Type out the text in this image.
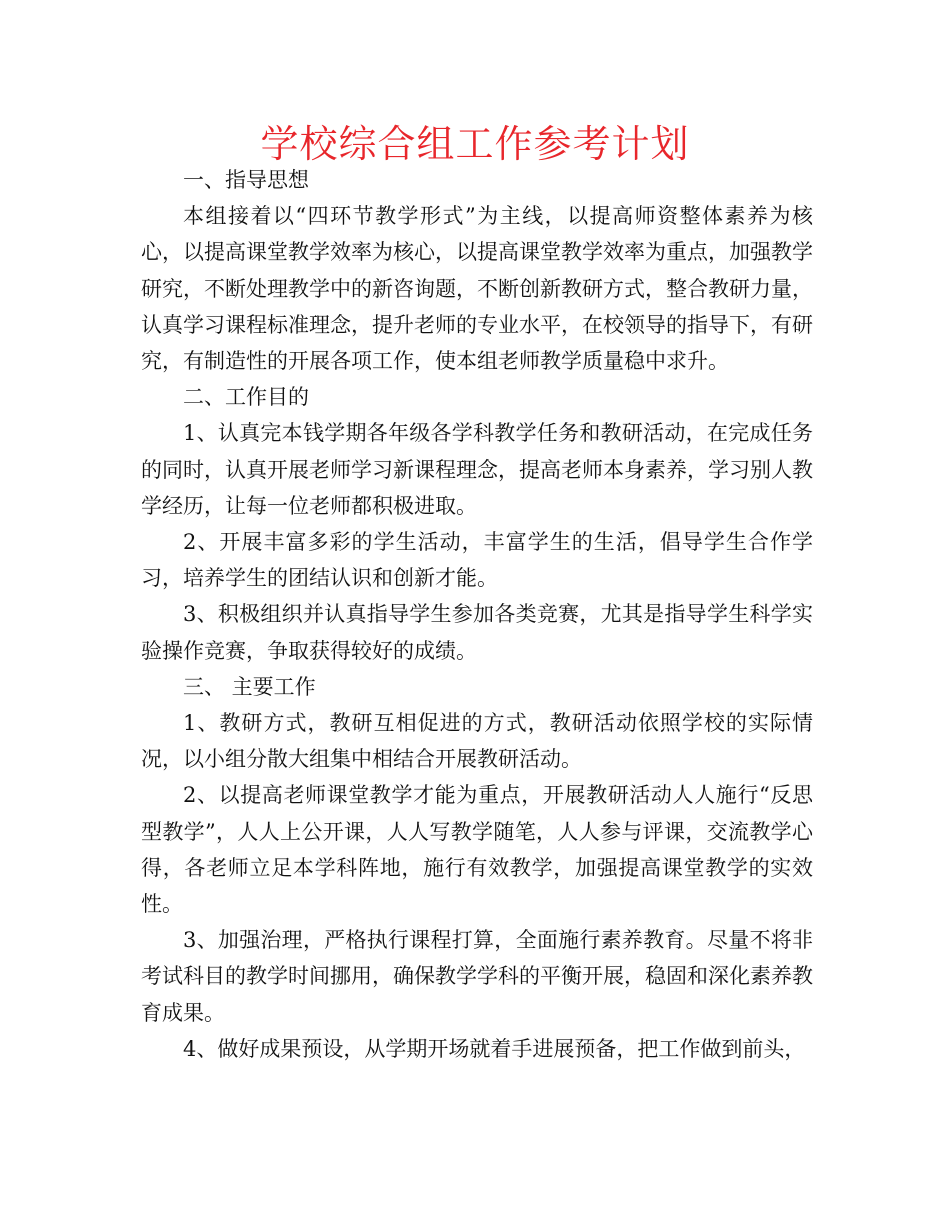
学校综合组工作参考计划

一、指导思想

本组接着以“四环节教学形式”为主线，以提高师资整体素养为核心，以提高课堂教学效率为核心，以提高课堂教学效率为重点，加强教学研究，不断处理教学中的新咨询题，不断创新教研方式，整合教研力量，认真学习课程标准理念，提升老师的专业水平，在校领导的指导下，有研究，有制造性的开展各项工作，使本组老师教学质量稳中求升。

二、工作目的

1、认真完本钱学期各年级各学科教学任务和教研活动，在完成任务的同时，认真开展老师学习新课程理念，提高老师本身素养，学习别人教学经历，让每一位老师都积极进取。

2、开展丰富多彩的学生活动，丰富学生的生活，倡导学生合作学习，培养学生的团结认识和创新才能。

3、积极组织并认真指导学生参加各类竞赛，尤其是指导学生科学实验操作竞赛，争取获得较好的成绩。

三、 主要工作

1、教研方式，教研互相促进的方式，教研活动依照学校的实际情况，以小组分散大组集中相结合开展教研活动。

2、以提高老师课堂教学才能为重点，开展教研活动人人施行“反思型教学”，人人上公开课，人人写教学随笔，人人参与评课，交流教学心得，各老师立足本学科阵地，施行有效教学，加强提高课堂教学的实效性。

3、加强治理，严格执行课程打算，全面施行素养教育。尽量不将非考试科目的教学时间挪用，确保教学学科的平衡开展，稳固和深化素养教育成果。

4、做好成果预设，从学期开场就着手进展预备，把工作做到前头，
